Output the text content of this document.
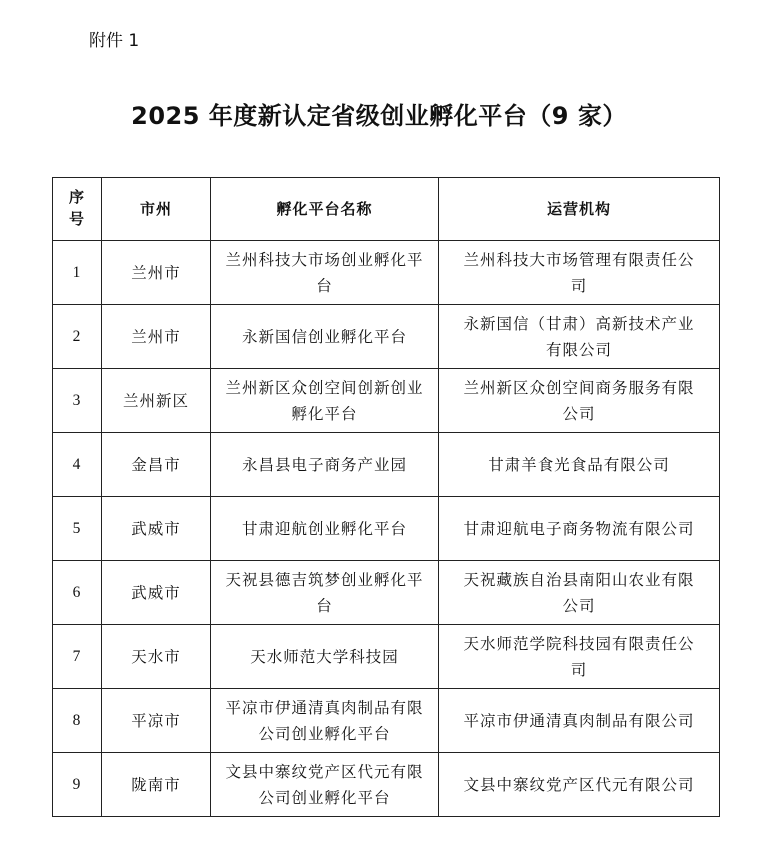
附件 1
2025 年度新认定省级创业孵化平台（9 家）
序号	市州	孵化平台名称	运营机构
1	兰州市	兰州科技大市场创业孵化平台	兰州科技大市场管理有限责任公司
2	兰州市	永新国信创业孵化平台	永新国信（甘肃）高新技术产业有限公司
3	兰州新区	兰州新区众创空间创新创业孵化平台	兰州新区众创空间商务服务有限公司
4	金昌市	永昌县电子商务产业园	甘肃羊食光食品有限公司
5	武威市	甘肃迎航创业孵化平台	甘肃迎航电子商务物流有限公司
6	武威市	天祝县德吉筑梦创业孵化平台	天祝藏族自治县南阳山农业有限公司
7	天水市	天水师范大学科技园	天水师范学院科技园有限责任公司
8	平凉市	平凉市伊通清真肉制品有限公司创业孵化平台	平凉市伊通清真肉制品有限公司
9	陇南市	文县中寨纹党产区代元有限公司创业孵化平台	文县中寨纹党产区代元有限公司
